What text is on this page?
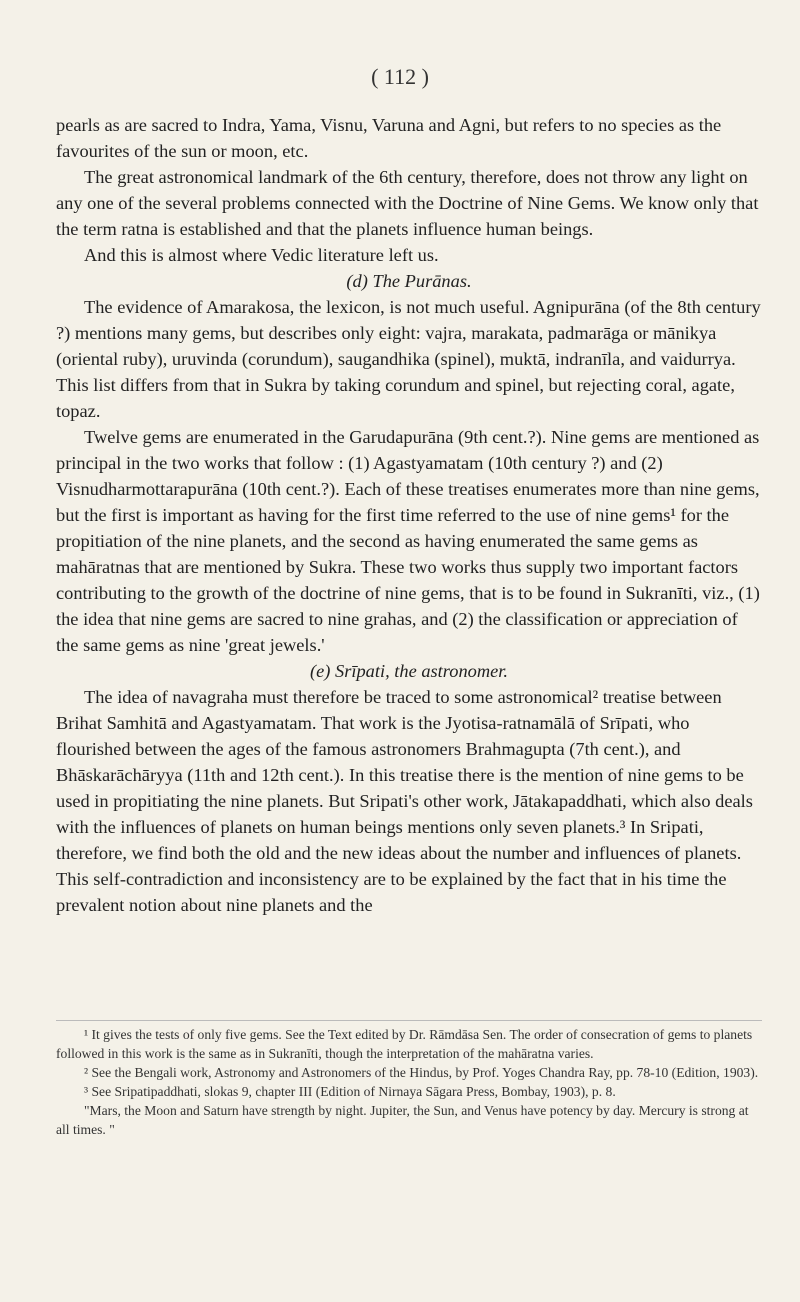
( 112 )

pearls as are sacred to Indra, Yama, Visnu, Varuna and Agni, but refers to no species as the favourites of the sun or moon, etc.

The great astronomical landmark of the 6th century, therefore, does not throw any light on any one of the several problems connected with the Doctrine of Nine Gems. We know only that the term ratna is established and that the planets influence human beings.

And this is almost where Vedic literature left us.

(d) The Purānas.

The evidence of Amarakosa, the lexicon, is not much useful. Agnipurāna (of the 8th century ?) mentions many gems, but describes only eight: vajra, marakata, padmarāga or mānikya (oriental ruby), uruvinda (corundum), saugandhika (spinel), muktā, indranīla, and vaidurrya. This list differs from that in Sukra by taking corundum and spinel, but rejecting coral, agate, topaz.

Twelve gems are enumerated in the Garudapurāna (9th cent.?). Nine gems are mentioned as principal in the two works that follow : (1) Agastyamatam (10th century ?) and (2) Visnudharmottarapurāna (10th cent.?). Each of these treatises enumerates more than nine gems, but the first is important as having for the first time referred to the use of nine gems¹ for the propitiation of the nine planets, and the second as having enumerated the same gems as mahāratnas that are mentioned by Sukra. These two works thus supply two important factors contributing to the growth of the doctrine of nine gems, that is to be found in Sukranīti, viz., (1) the idea that nine gems are sacred to nine grahas, and (2) the classification or appreciation of the same gems as nine 'great jewels.'

(e) Srīpati, the astronomer.

The idea of navagraha must therefore be traced to some astronomical² treatise between Brihat Samhitā and Agastyamatam. That work is the Jyotisa-ratnamālā of Srīpati, who flourished between the ages of the famous astronomers Brahmagupta (7th cent.), and Bhāskarāchāryya (11th and 12th cent.). In this treatise there is the mention of nine gems to be used in propitiating the nine planets. But Sripati's other work, Jātakapaddhati, which also deals with the influences of planets on human beings mentions only seven planets.³ In Sripati, therefore, we find both the old and the new ideas about the number and influences of planets. This self-contradiction and inconsistency are to be explained by the fact that in his time the prevalent notion about nine planets and the

¹ It gives the tests of only five gems. See the Text edited by Dr. Rāmdāsa Sen. The order of consecration of gems to planets followed in this work is the same as in Sukranīti, though the interpretation of the mahāratna varies.

² See the Bengali work, Astronomy and Astronomers of the Hindus, by Prof. Yoges Chandra Ray, pp. 78-10 (Edition, 1903).

³ See Sripatipaddhati, slokas 9, chapter III (Edition of Nirnaya Sāgara Press, Bombay, 1903), p. 8.

"Mars, the Moon and Saturn have strength by night. Jupiter, the Sun, and Venus have potency by day. Mercury is strong at all times. "
